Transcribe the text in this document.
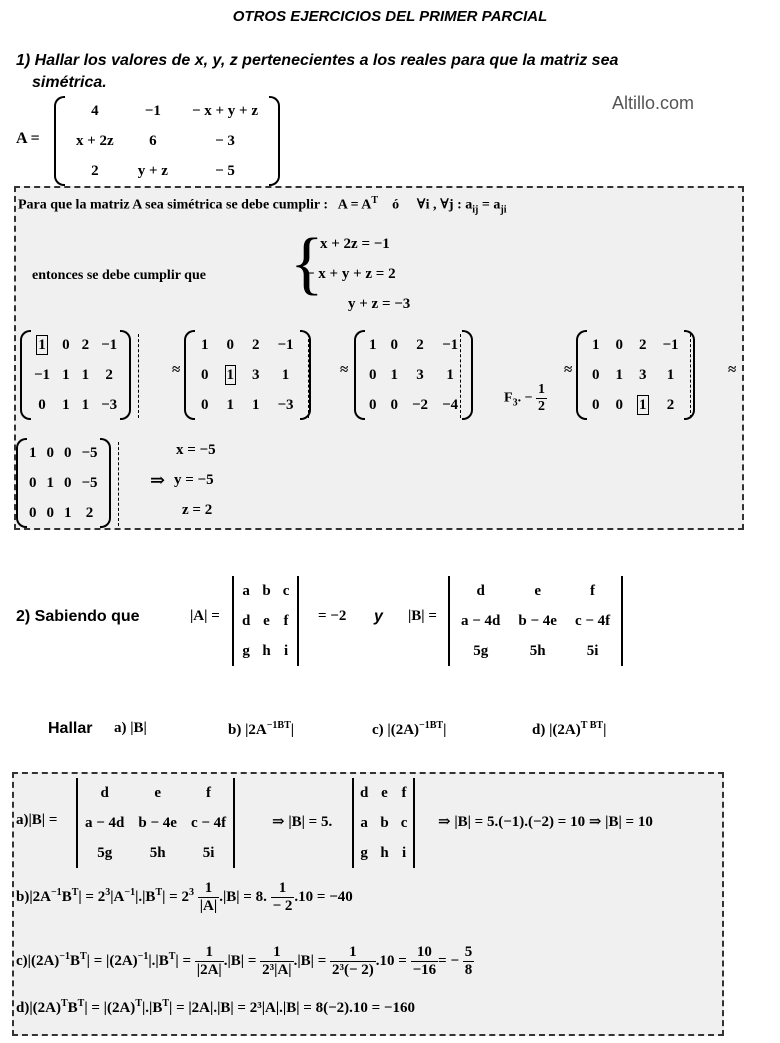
OTROS EJERCICIOS DEL PRIMER PARCIAL
1) Hallar los valores de x, y, z pertenecientes a los reales para que la matriz sea
simétrica.
Altillo.com
A =
4	−1	− x + y + z
x + 2z	6	− 3
2	y + z	− 5
Para que la matriz A sea simétrica se debe cumplir : $A = A^T$ ó ∀i , ∀j : $a_{ij} = a_{ji}$
entonces se debe cumplir que {
x + 2z = −1
− x + y + z = 2
y + z = −3
1	0	2	−1
−1	1	1	2
0	1	1	−3
≈
1	0	2	−1
0	1	3	1
0	1	1	−3
≈
1	0	2	−1
0	1	3	1
0	0	−2	−4	$F_3$. − $\frac{1}{2}$
≈
1	0	2	−1
0	1	3	1
0	0	1	2
≈
1	0	0	−5
0	1	0	−5
0	0	1	2
⇒
x = −5
y = −5
z = 2
2) Sabiendo que	|A| =
a	b	c
d	e	f
g	h	i
= −2 y |B| =
d	e	f
a − 4d	b − 4e	c − 4f
5g	5h	5i
Hallar a) |B|	b) $|2A^{-1BT}|$	c) $|(2A)^{-1BT}|$	d) $|(2A)^{T BT}|$
a)|B| =
d	e	f
a − 4d	b − 4e	c − 4f
5g	5h	5i
⇒ |B| = 5.
d	e	f
a	b	c
g	h	i
⇒ |B| = 5.(−1).(−2) = 10 ⇒ |B| = 10
$b)|2A^{-1}B^T| = 2^3|A^{-1}|.|B^T| = 2^3 \frac{1}{|A|} .|B| = 8$. $\frac{1}{- 2} .10 = -40$
$c)|(2A)^{-1}B^T| = |(2A)^{-1}|.|B^T| = \frac{1}{|2A|} .|B| = \frac{1}{\text{2³|A|}} .|B| = \frac{1}{\text{2³(− 2)}} .10 = \frac{10}{-16}$ = − $\frac{5}{8}$
$d)|(2A)^TB^T| = |(2A)^T|.|B^T| = |2A|.|B| = 2^3|A|.|B| = 8(-2).10 = -160$
